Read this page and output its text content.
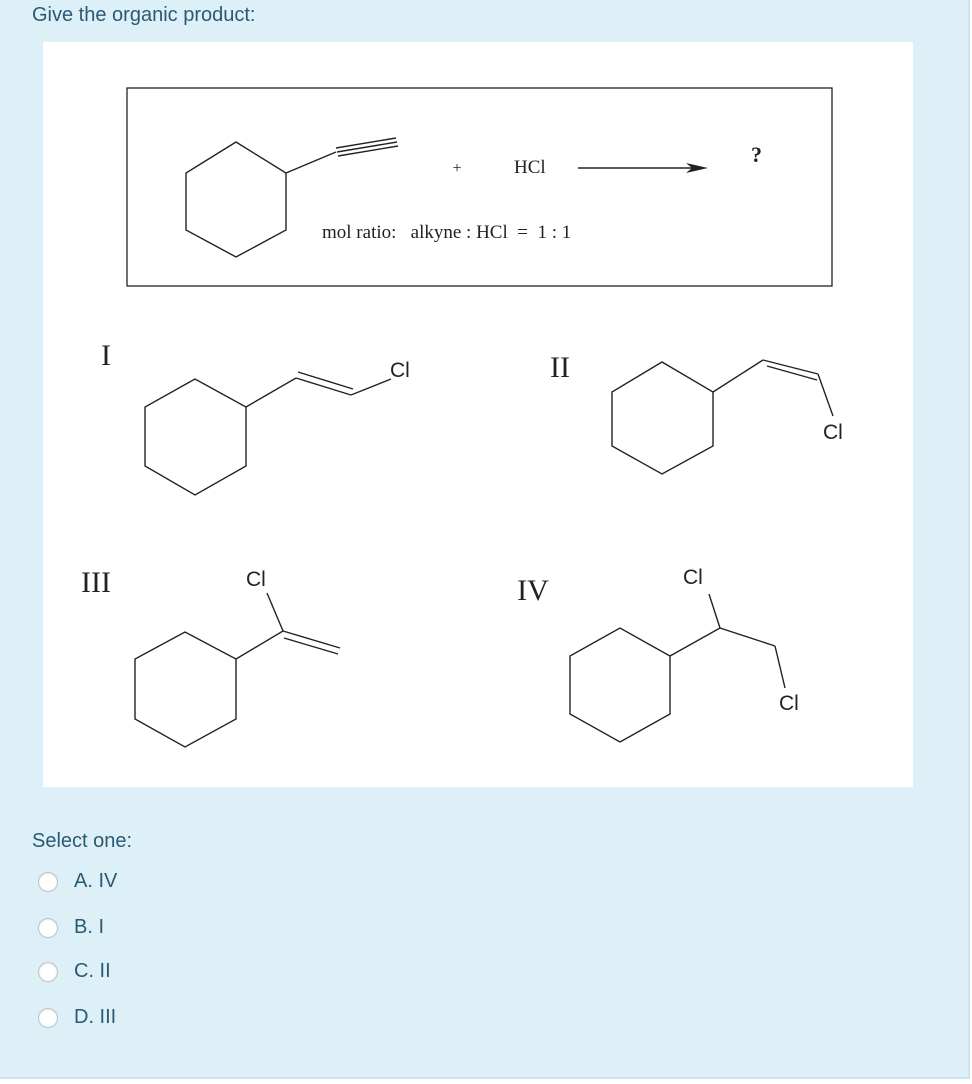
Give the organic product:
+	HCl
?
mol ratio:   alkyne : HCl  =  1 : 1
I	Cl	II
Cl
III	Cl	IV	Cl
Cl
Select one:
A. IV
B. I
C. II
D. III
